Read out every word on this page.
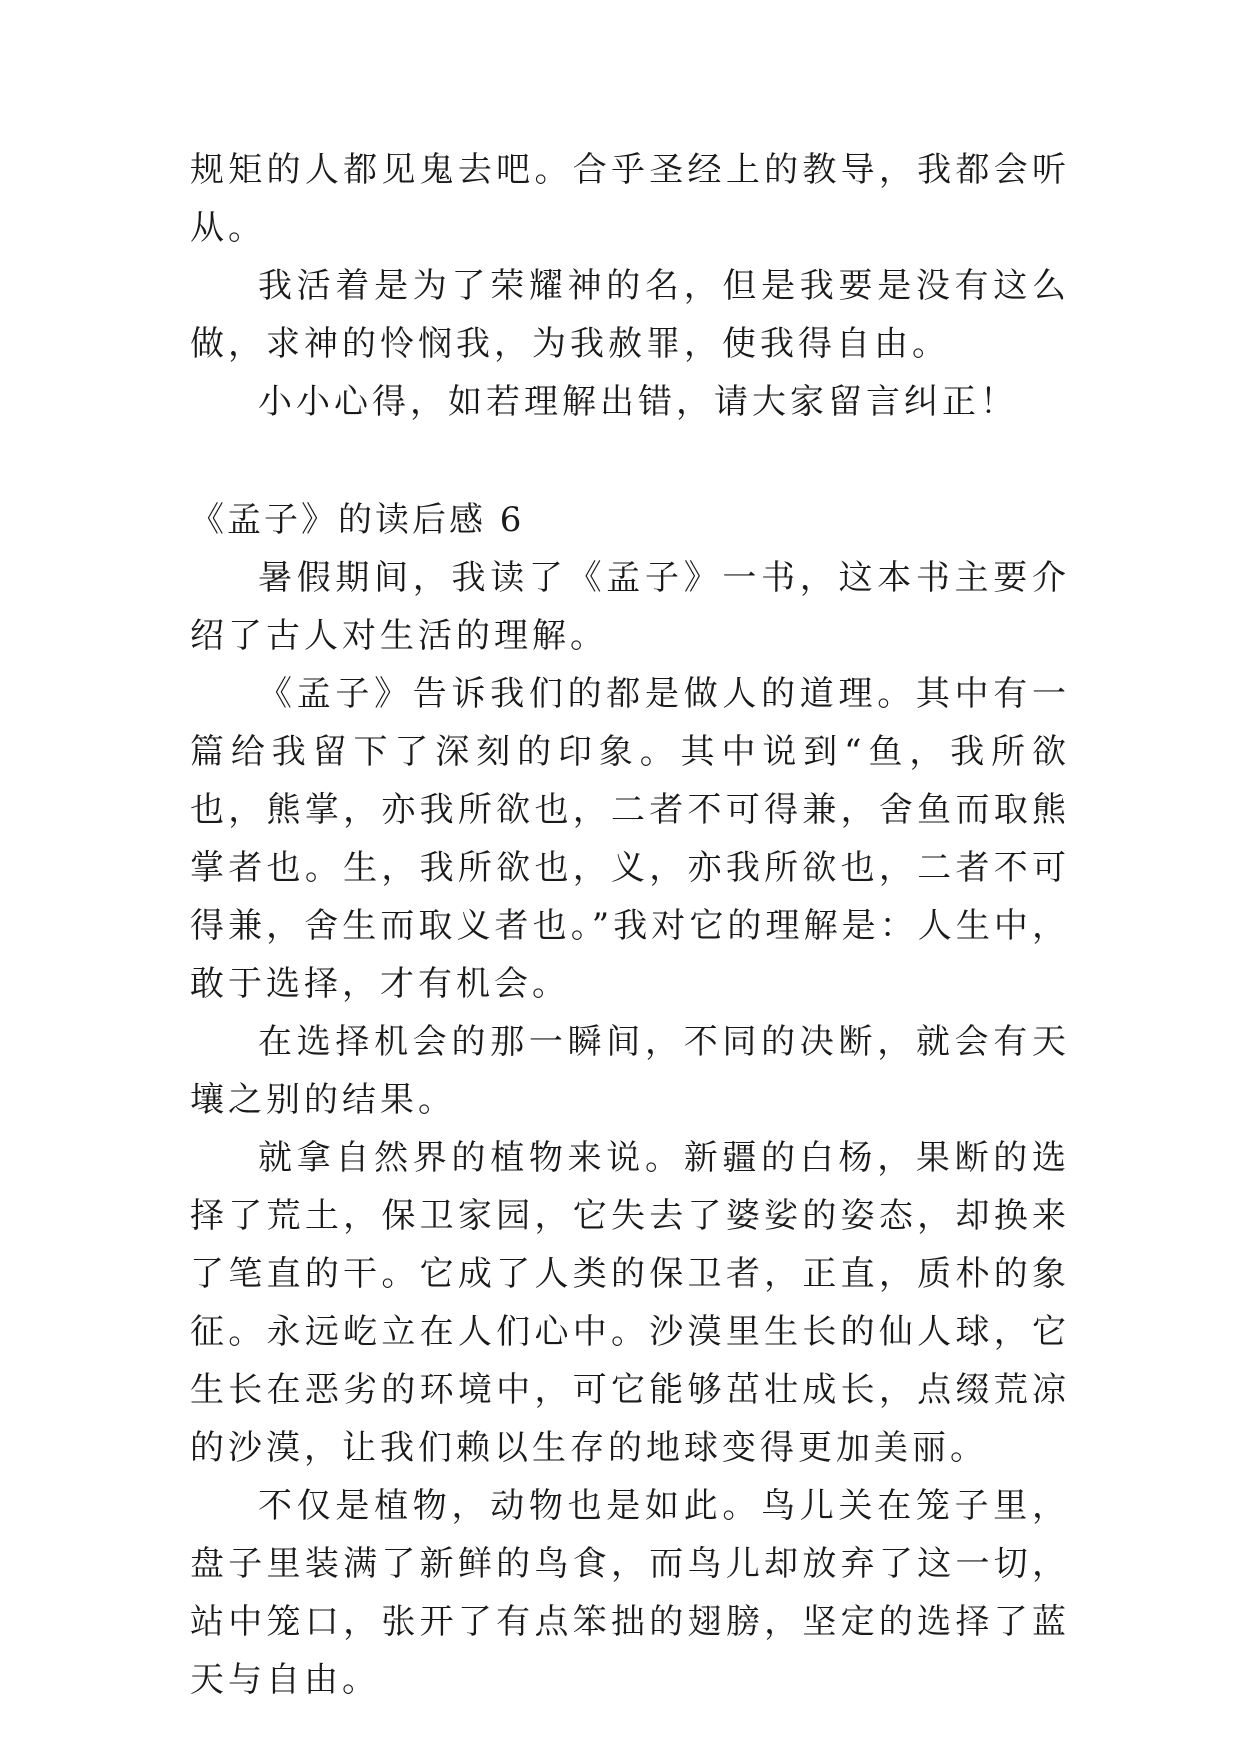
规矩的人都见鬼去吧。合乎圣经上的教导，我都会听从。

我活着是为了荣耀神的名，但是我要是没有这么做，求神的怜悯我，为我赦罪，使我得自由。

小小心得，如若理解出错，请大家留言纠正！

《孟子》的读后感 6

暑假期间，我读了《孟子》一书，这本书主要介绍了古人对生活的理解。

《孟子》告诉我们的都是做人的道理。其中有一篇给我留下了深刻的印象。其中说到“鱼，我所欲也，熊掌，亦我所欲也，二者不可得兼，舍鱼而取熊掌者也。生，我所欲也，义，亦我所欲也，二者不可得兼，舍生而取义者也。”我对它的理解是：人生中，敢于选择，才有机会。

在选择机会的那一瞬间，不同的决断，就会有天壤之别的结果。

就拿自然界的植物来说。新疆的白杨，果断的选择了荒土，保卫家园，它失去了婆娑的姿态，却换来了笔直的干。它成了人类的保卫者，正直，质朴的象征。永远屹立在人们心中。沙漠里生长的仙人球，它生长在恶劣的环境中，可它能够茁壮成长，点缀荒凉的沙漠，让我们赖以生存的地球变得更加美丽。

不仅是植物，动物也是如此。鸟儿关在笼子里，盘子里装满了新鲜的鸟食，而鸟儿却放弃了这一切，站中笼口，张开了有点笨拙的翅膀，坚定的选择了蓝天与自由。
